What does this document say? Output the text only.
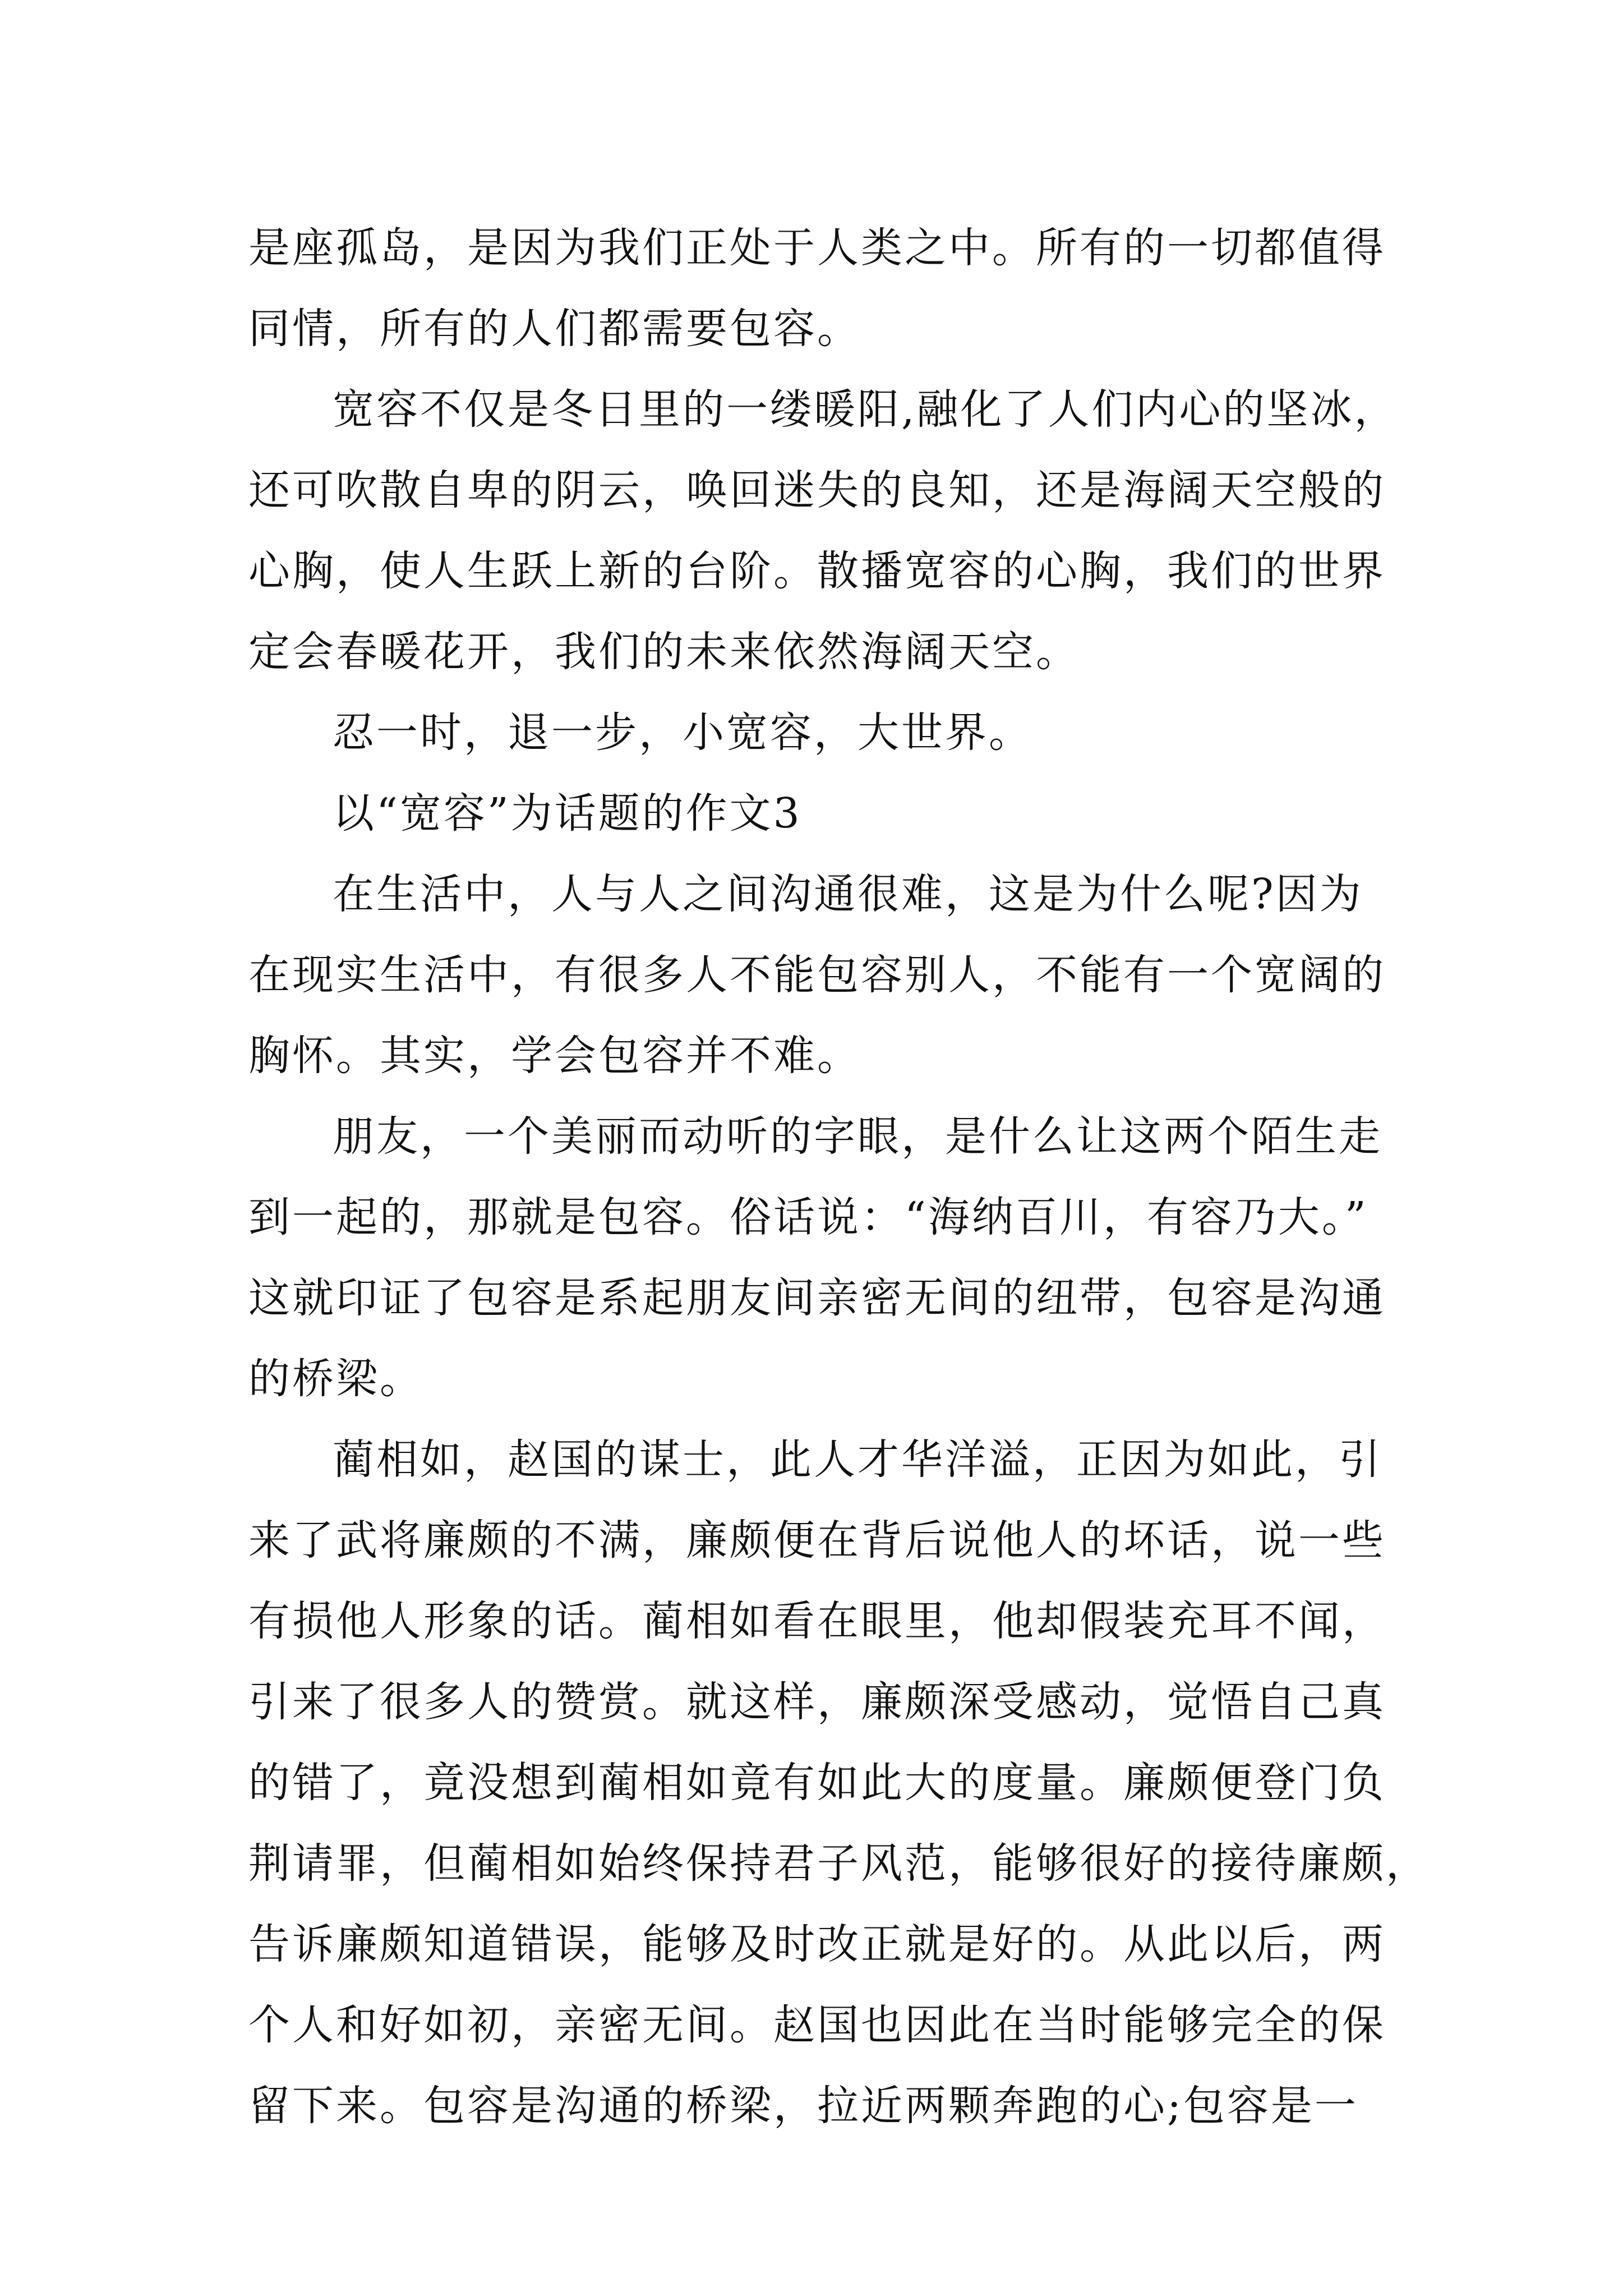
是座孤岛，是因为我们正处于人类之中。所有的一切都值得
同情，所有的人们都需要包容。
宽容不仅是冬日里的一缕暖阳,融化了人们内心的坚冰，
还可吹散自卑的阴云，唤回迷失的良知，还是海阔天空般的
心胸，使人生跃上新的台阶。散播宽容的心胸，我们的世界
定会春暖花开，我们的未来依然海阔天空。
忍一时，退一步，小宽容，大世界。
以“宽容”为话题的作文3
在生活中，人与人之间沟通很难，这是为什么呢?因为
在现实生活中，有很多人不能包容别人，不能有一个宽阔的
胸怀。其实，学会包容并不难。
朋友，一个美丽而动听的字眼，是什么让这两个陌生走
到一起的，那就是包容。俗话说：“海纳百川，有容乃大。”
这就印证了包容是系起朋友间亲密无间的纽带，包容是沟通
的桥梁。
蔺相如，赵国的谋士，此人才华洋溢，正因为如此，引
来了武将廉颇的不满，廉颇便在背后说他人的坏话，说一些
有损他人形象的话。蔺相如看在眼里，他却假装充耳不闻，
引来了很多人的赞赏。就这样，廉颇深受感动，觉悟自己真
的错了，竟没想到蔺相如竟有如此大的度量。廉颇便登门负
荆请罪，但蔺相如始终保持君子风范，能够很好的接待廉颇，
告诉廉颇知道错误，能够及时改正就是好的。从此以后，两
个人和好如初，亲密无间。赵国也因此在当时能够完全的保
留下来。包容是沟通的桥梁，拉近两颗奔跑的心;包容是一
